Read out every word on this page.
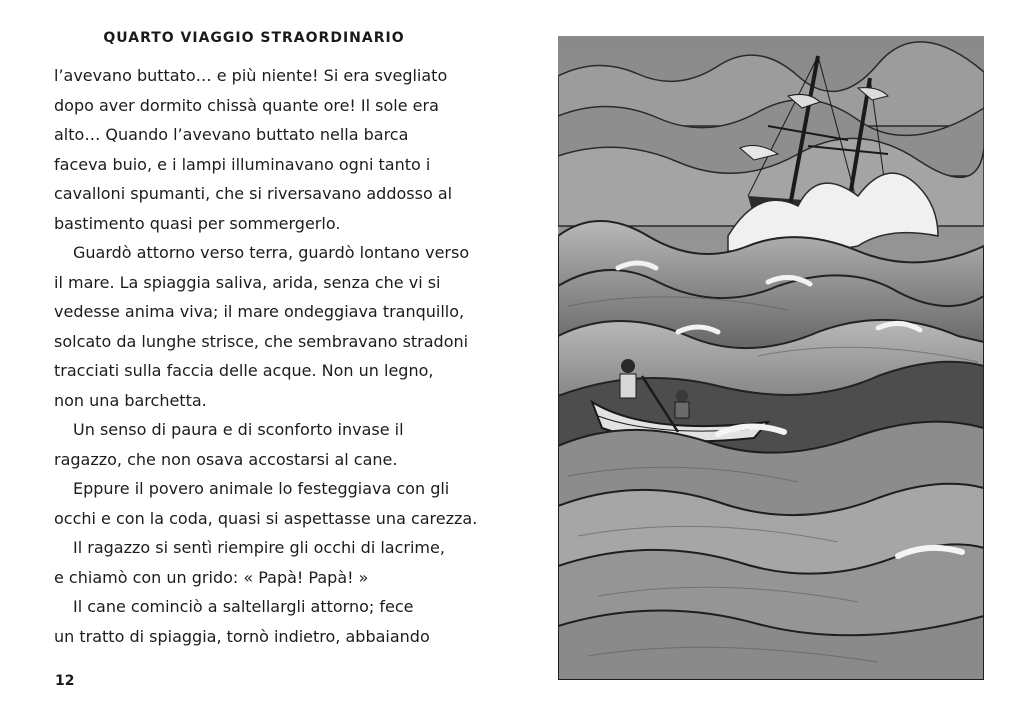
QUARTO VIAGGIO STRAORDINARIO
l’avevano buttato… e più niente! Si era svegliato
dopo aver dormito chissà quante ore! Il sole era
alto… Quando l’avevano buttato nella barca
faceva buio, e i lampi illuminavano ogni tanto i
cavalloni spumanti, che si riversavano addosso al
bastimento quasi per sommergerlo.
Guardò attorno verso terra, guardò lontano verso
il mare. La spiaggia saliva, arida, senza che vi si
vedesse anima viva; il mare ondeggiava tranquillo,
solcato da lunghe strisce, che sembravano stradoni
tracciati sulla faccia delle acque. Non un legno,
non una barchetta.
Un senso di paura e di sconforto invase il
ragazzo, che non osava accostarsi al cane.
Eppure il povero animale lo festeggiava con gli
occhi e con la coda, quasi si aspettasse una carezza.
Il ragazzo si sentì riempire gli occhi di lacrime,
e chiamò con un grido: « Papà! Papà! »
Il cane cominciò a saltellargli attorno; fece
un tratto di spiaggia, tornò indietro, abbaiando
12
